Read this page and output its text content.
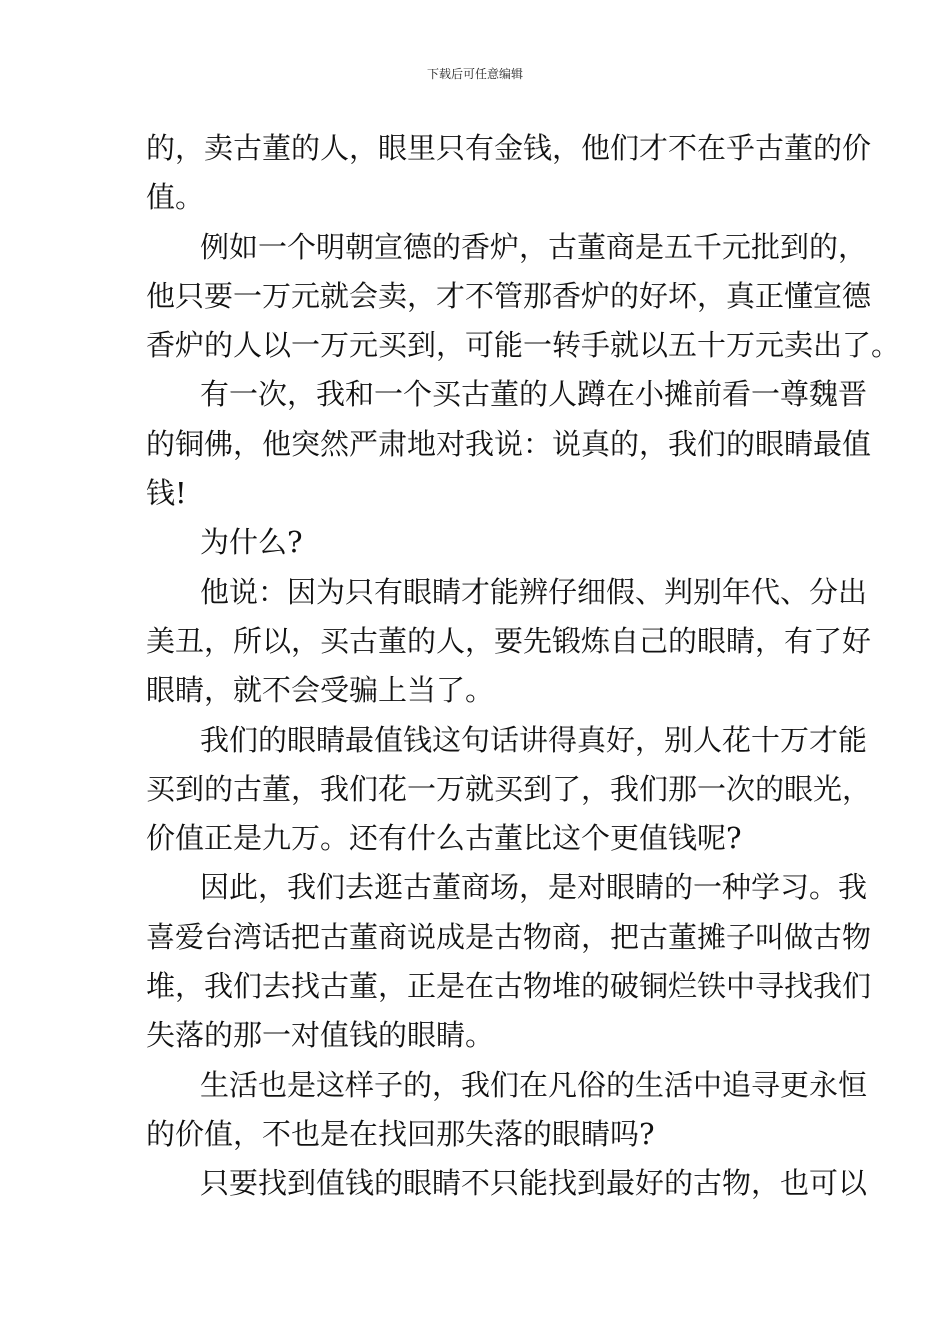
下载后可任意编辑
的，卖古董的人，眼里只有金钱，他们才不在乎古董的价
值。
例如一个明朝宣德的香炉，古董商是五千元批到的，
他只要一万元就会卖，才不管那香炉的好坏，真正懂宣德
香炉的人以一万元买到，可能一转手就以五十万元卖出了。
有一次，我和一个买古董的人蹲在小摊前看一尊魏晋
的铜佛，他突然严肃地对我说：说真的，我们的眼睛最值
钱!
为什么?
他说：因为只有眼睛才能辨仔细假、判别年代、分出
美丑，所以，买古董的人，要先锻炼自己的眼睛，有了好
眼睛，就不会受骗上当了。
我们的眼睛最值钱这句话讲得真好，别人花十万才能
买到的古董，我们花一万就买到了，我们那一次的眼光，
价值正是九万。还有什么古董比这个更值钱呢?
因此，我们去逛古董商场，是对眼睛的一种学习。我
喜爱台湾话把古董商说成是古物商，把古董摊子叫做古物
堆，我们去找古董，正是在古物堆的破铜烂铁中寻找我们
失落的那一对值钱的眼睛。
生活也是这样子的，我们在凡俗的生活中追寻更永恒
的价值，不也是在找回那失落的眼睛吗?
只要找到值钱的眼睛不只能找到最好的古物，也可以
